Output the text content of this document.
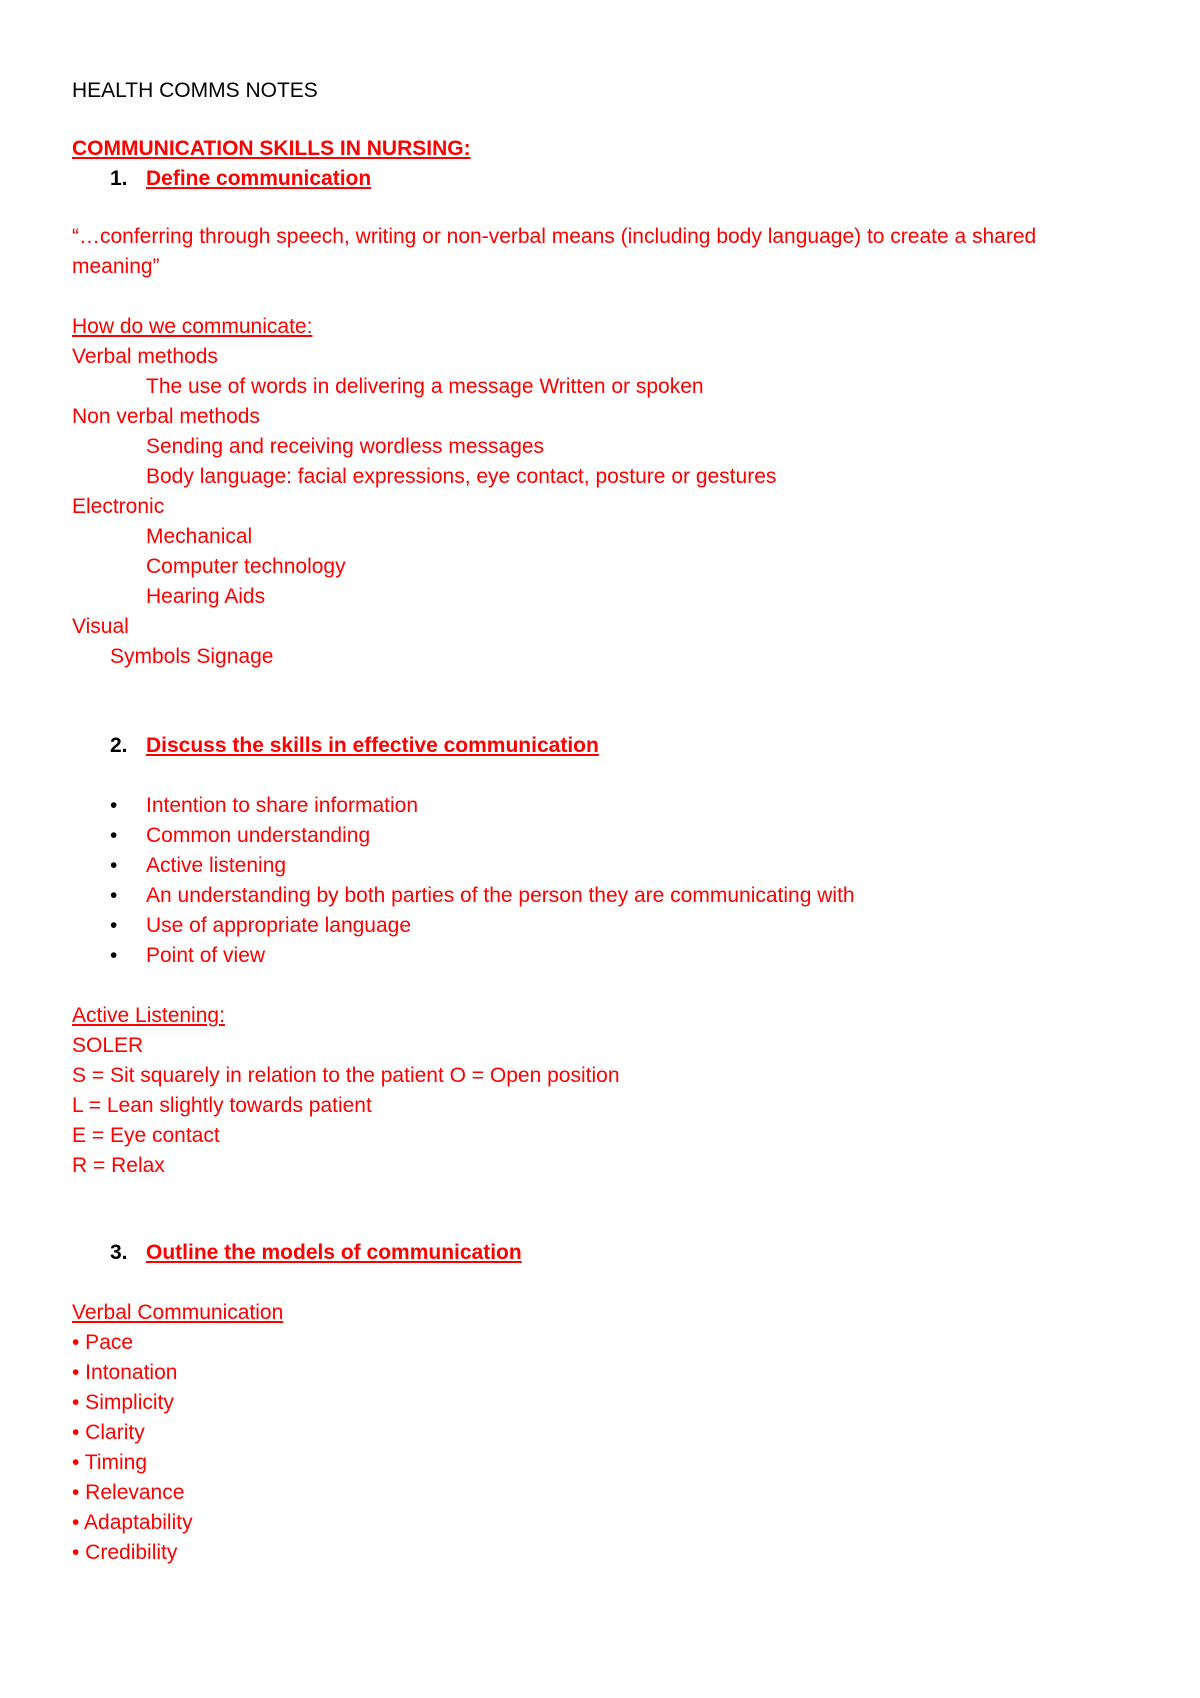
HEALTH COMMS NOTES
COMMUNICATION SKILLS IN NURSING:
1. Define communication
“…conferring through speech, writing or non-verbal means (including body language) to create a shared
meaning”
How do we communicate:
Verbal methods
The use of words in delivering a message Written or spoken
Non verbal methods
Sending and receiving wordless messages
Body language: facial expressions, eye contact, posture or gestures
Electronic
Mechanical
Computer technology
Hearing Aids
Visual
Symbols Signage
2. Discuss the skills in effective communication
• Intention to share information
• Common understanding
• Active listening
• An understanding by both parties of the person they are communicating with
• Use of appropriate language
• Point of view
Active Listening:
SOLER
S = Sit squarely in relation to the patient O = Open position
L = Lean slightly towards patient
E = Eye contact
R = Relax
3. Outline the models of communication
Verbal Communication
• Pace
• Intonation
• Simplicity
• Clarity
• Timing
• Relevance
• Adaptability
• Credibility
